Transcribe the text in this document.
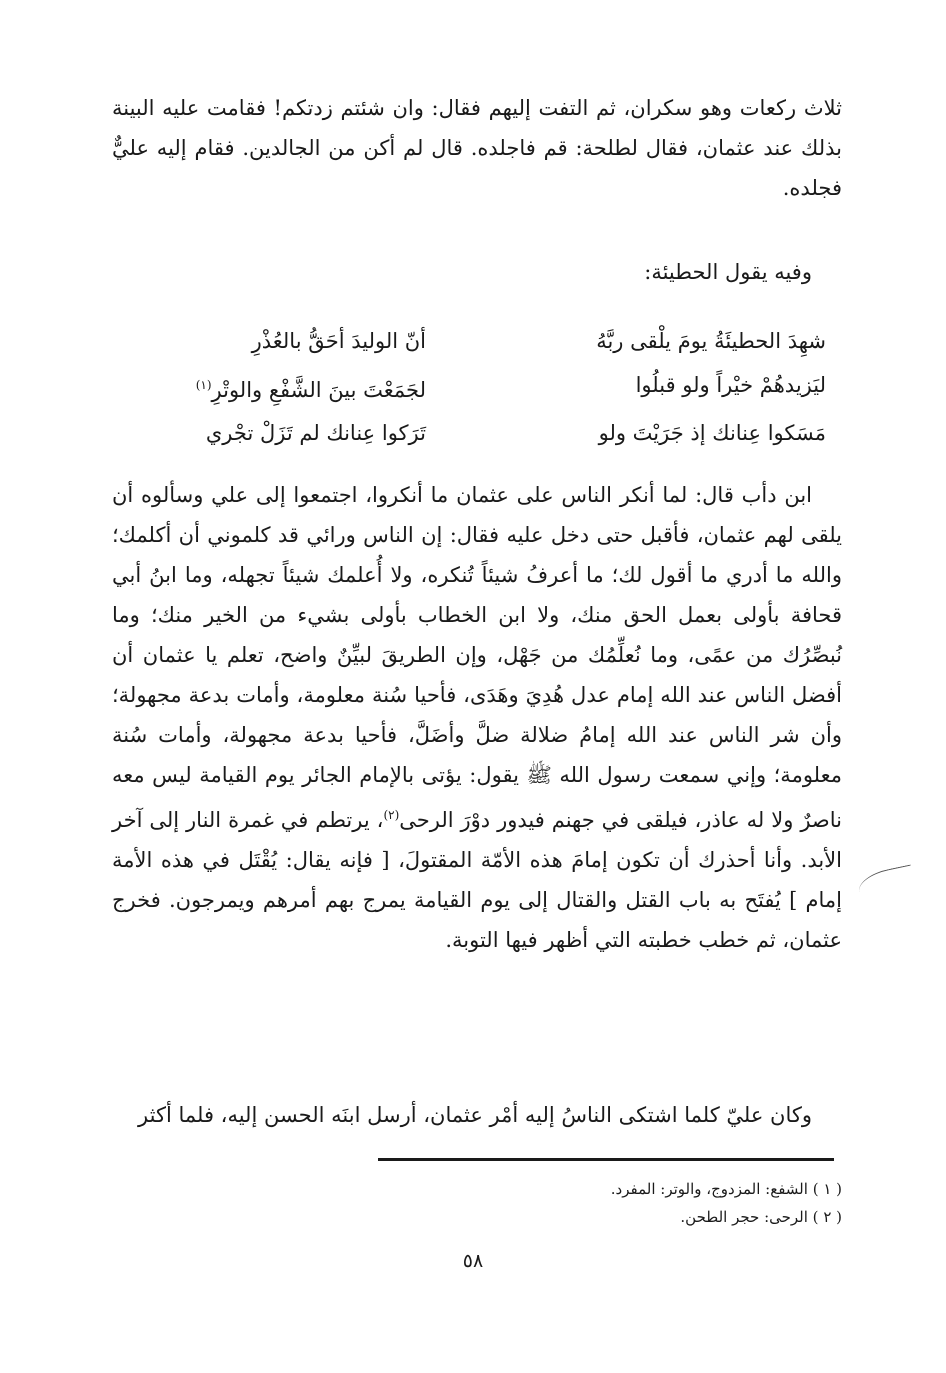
ثلاث ركعات وهو سكران، ثم التفت إليهم فقال: وان شئتم زدتكم! فقامت عليه البينة بذلك عند عثمان، فقال لطلحة: قم فاجلده. قال لم أكن من الجالدين. فقام إليه عليٌّ فجلده.
وفيه يقول الحطيئة:
شهِدَ الحطيئَةُ يومَ يلْقى ربَّهُ
أنّ الوليدَ أحَقُّ بالعُذْرِ
ليَزيدهُمْ خيْراً ولو قبلُوا
لجَمَعْتَ بينَ الشَّفْعِ والوتْرِ$^{(١)}$
مَسَكوا عِنانك إذ جَرَيْتَ ولو
تَرَكوا عِنانك لم تَزَلْ تجْري
ابن دأب قال: لما أنكر الناس على عثمان ما أنكروا، اجتمعوا إلى علي وسألوه أن يلقى لهم عثمان، فأقبل حتى دخل عليه فقال: إن الناس ورائي قد كلموني أن أكلمك؛ والله ما أدري ما أقول لك؛ ما أعرفُ شيئاً تُنكره، ولا أُعلمك شيئاً تجهله، وما ابنُ أبي قحافة بأولى بعمل الحق منك، ولا ابن الخطاب بأولى بشيء من الخير منك؛ وما نُبصِّرُك من عمًى، وما نُعلِّمُك من جَهْل، وإن الطريقَ لبيِّنٌ واضح، تعلم يا عثمان أن أفضل الناس عند الله إمام عدل هُدِيَ وهَدَى، فأحيا سُنة معلومة، وأمات بدعة مجهولة؛ وأن شر الناس عند الله إمامُ ضلالة ضلَّ وأضَلَّ، فأحيا بدعة مجهولة، وأمات سُنة معلومة؛ وإني سمعت رسول الله ﷺ يقول: يؤتى بالإمام الجائر يوم القيامة ليس معه ناصرٌ ولا له عاذر، فيلقى في جهنم فيدور دوْرَ الرحى$^{(٢)}$، يرتطم في غمرة النار إلى آخر الأبد. وأنا أحذرك أن تكون إمامَ هذه الأمّة المقتولَ، [ فإنه يقال: يُقْتَل في هذه الأمة إمام ] يُفتَح به باب القتل والقتال إلى يوم القيامة يمرج بهم أمرهم ويمرجون. فخرج عثمان، ثم خطب خطبته التي أظهر فيها التوبة.
وكان عليّ كلما اشتكى الناسُ إليه أمْر عثمان، أرسل ابنَه الحسن إليه، فلما أكثر
( ١ ) الشفع: المزدوج، والوتر: المفرد.
( ٢ ) الرحى: حجر الطحن.
٥٨
